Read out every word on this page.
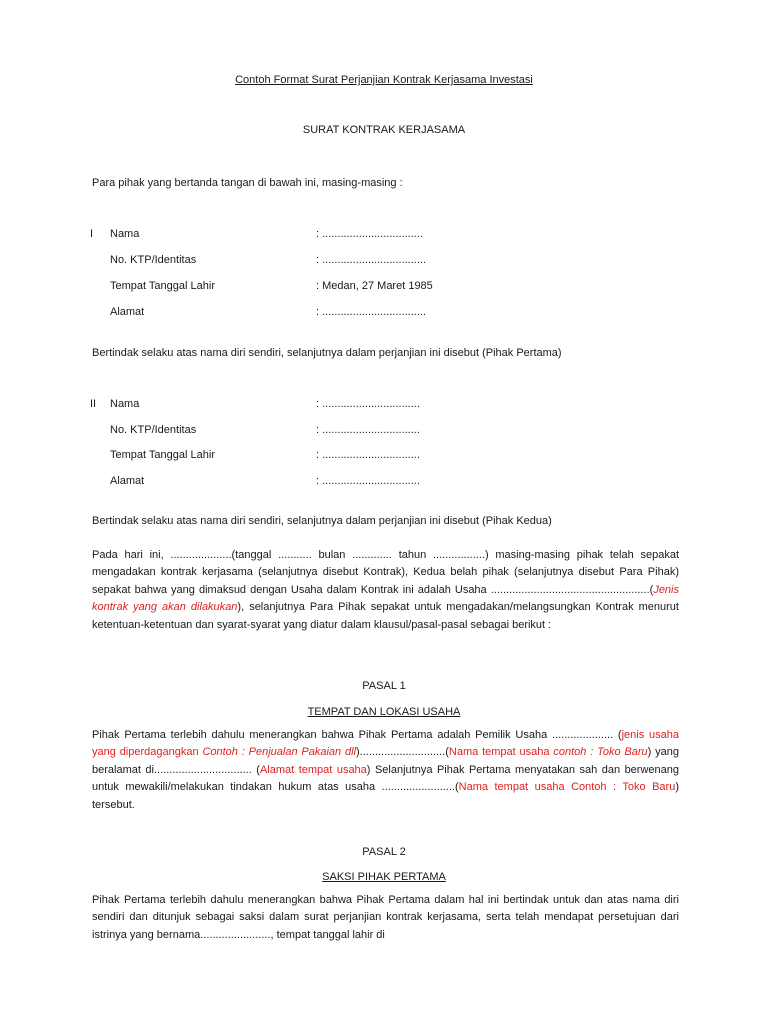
Contoh Format Surat Perjanjian Kontrak Kerjasama Investasi
SURAT KONTRAK KERJASAMA
Para pihak yang bertanda tangan di bawah ini, masing-masing :
I Nama	: .................................
No. KTP/Identitas	: ..................................
Tempat Tanggal Lahir	: Medan, 27 Maret 1985
Alamat	: ..................................
Bertindak selaku atas nama diri sendiri, selanjutnya dalam perjanjian ini disebut (Pihak Pertama)
II Nama	: ................................
No. KTP/Identitas	: ................................
Tempat Tanggal Lahir	: ................................
Alamat	: ................................
Bertindak selaku atas nama diri sendiri, selanjutnya dalam perjanjian ini disebut (Pihak Kedua)
Pada hari ini, ....................(tanggal ........... bulan ............. tahun .................) masing-masing pihak telah sepakat mengadakan kontrak kerjasama (selanjutnya disebut Kontrak), Kedua belah pihak (selanjutnya disebut Para Pihak) sepakat bahwa yang dimaksud dengan Usaha dalam Kontrak ini adalah Usaha ....................................................(Jenis kontrak yang akan dilakukan), selanjutnya Para Pihak sepakat untuk mengadakan/melangsungkan Kontrak menurut ketentuan-ketentuan dan syarat-syarat yang diatur dalam klausul/pasal-pasal sebagai berikut :
PASAL 1
TEMPAT DAN LOKASI USAHA
Pihak Pertama terlebih dahulu menerangkan bahwa Pihak Pertama adalah Pemilik Usaha .................... (jenis usaha yang diperdagangkan Contoh : Penjualan Pakaian dll)............................(Nama tempat usaha contoh : Toko Baru) yang beralamat di................................ (Alamat tempat usaha) Selanjutnya Pihak Pertama menyatakan sah dan berwenang untuk mewakili/melakukan tindakan hukum atas usaha ........................(Nama tempat usaha Contoh : Toko Baru) tersebut.
PASAL 2
SAKSI PIHAK PERTAMA
Pihak Pertama terlebih dahulu menerangkan bahwa Pihak Pertama dalam hal ini bertindak untuk dan atas nama diri sendiri dan ditunjuk sebagai saksi dalam surat perjanjian kontrak kerjasama, serta telah mendapat persetujuan dari istrinya yang bernama......................., tempat tanggal lahir di
